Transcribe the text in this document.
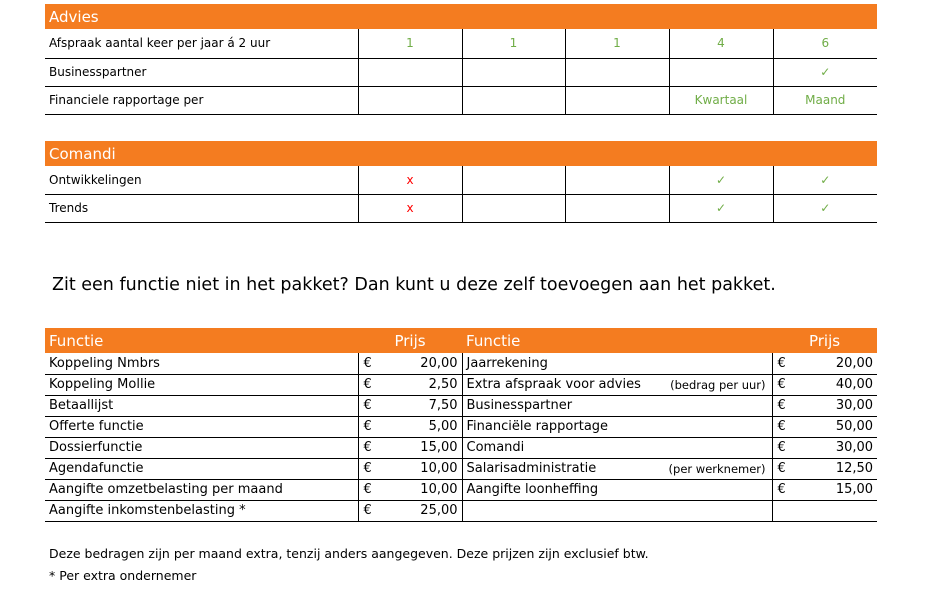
Advies					
Afspraak aantal keer per jaar á 2 uur	1	1	1	4	6
Businesspartner					✓
Financiele rapportage per				Kwartaal	Maand
Comandi					
Ontwikkelingen	x			✓	✓
Trends	x			✓	✓
Zit een functie niet in het pakket? Dan kunt u deze zelf toevoegen aan het pakket.
Functie	Prijs		Functie		Prijs	
Koppeling Nmbrs	€	20,00	Jaarrekening		€	20,00
Koppeling Mollie	€	2,50	Extra afspraak voor advies	(bedrag per uur)	€	40,00
Betaallijst	€	7,50	Businesspartner		€	30,00
Offerte functie	€	5,00	Financiële rapportage		€	50,00
Dossierfunctie	€	15,00	Comandi		€	30,00
Agendafunctie	€	10,00	Salarisadministratie	(per werknemer)	€	12,50
Aangifte omzetbelasting per maand	€	10,00	Aangifte loonheffing		€	15,00
Aangifte inkomstenbelasting *	€	25,00				
Deze bedragen zijn per maand extra, tenzij anders aangegeven. Deze prijzen zijn exclusief btw.
* Per extra ondernemer
